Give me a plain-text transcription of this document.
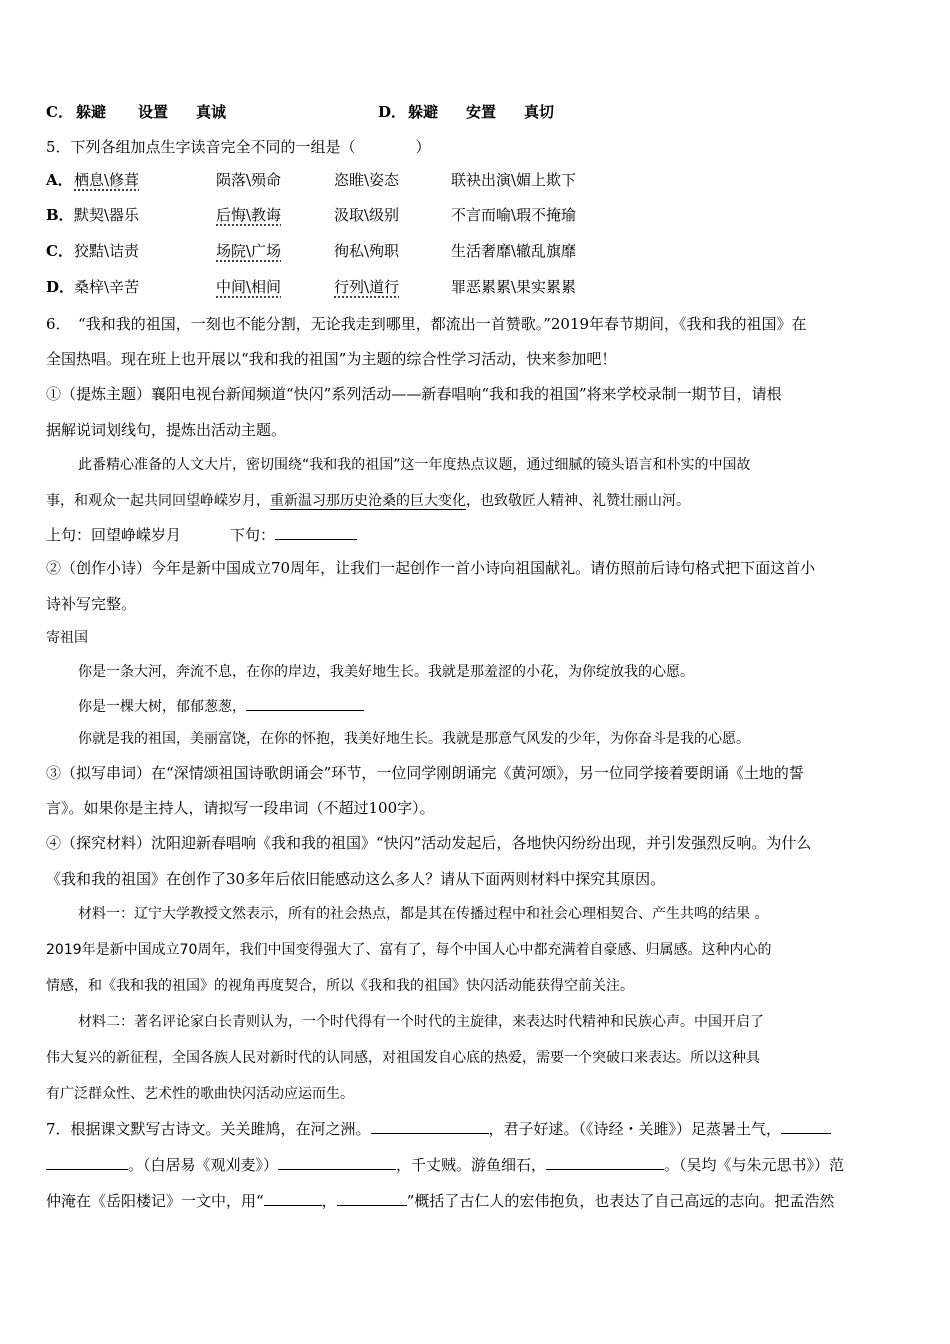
C． 躲避 设置 真诚	D． 躲避 安置 真切
5．下列各组加点生字读音完全不同的一组是（　　　　）
A．栖息\修葺	陨落\殒命	恣睢\姿态	联袂出演\媚上欺下
B．默契\器乐	后悔\教诲	汲取\级别	不言而喻\瑕不掩瑜
C．狡黠\诘责	场院\广场	徇私\殉职	生活奢靡\辙乱旗靡
D．桑梓\辛苦	中间\相间	行列\道行	罪恶累累\果实累累
6．　“我和我的祖国，一刻也不能分割，无论我走到哪里，都流出一首赞歌。”2019年春节期间，《我和我的祖国》在
全国热唱。现在班上也开展以“我和我的祖国”为主题的综合性学习活动，快来参加吧！
①（提炼主题）襄阳电视台新闻频道“快闪”系列活动——新春唱响“我和我的祖国”将来学校录制一期节目，请根
据解说词划线句，提炼出活动主题。
此番精心准备的人文大片，密切围绕“我和我的祖国”这一年度热点议题，通过细腻的镜头语言和朴实的中国故
事，和观众一起共同回望峥嵘岁月，重新温习那历史沧桑的巨大变化，也致敬匠人精神、礼赞壮丽山河。
上句：回望峥嵘岁月	下句：
②（创作小诗）今年是新中国成立70周年，让我们一起创作一首小诗向祖国献礼。请仿照前后诗句格式把下面这首小
诗补写完整。
寄祖国
你是一条大河，奔流不息，在你的岸边，我美好地生长。我就是那羞涩的小花，为你绽放我的心愿。
你是一棵大树，郁郁葱葱，
你就是我的祖国，美丽富饶，在你的怀抱，我美好地生长。我就是那意气风发的少年，为你奋斗是我的心愿。
③（拟写串词）在“深情颂祖国诗歌朗诵会”环节，一位同学刚朗诵完《黄河颂》，另一位同学接着要朗诵《土地的誓
言》。如果你是主持人，请拟写一段串词（不超过100字）。
④（探究材料）沈阳迎新春唱响《我和我的祖国》“快闪”活动发起后，各地快闪纷纷出现，并引发强烈反响。为什么
《我和我的祖国》在创作了30多年后依旧能感动这么多人？请从下面两则材料中探究其原因。
材料一：辽宁大学教授文然表示，所有的社会热点，都是其在传播过程中和社会心理相契合、产生共鸣的结果 。
2019年是新中国成立70周年，我们中国变得强大了、富有了，每个中国人心中都充满着自豪感、归属感。这种内心的
情感，和《我和我的祖国》的视角再度契合，所以《我和我的祖国》快闪活动能获得空前关注。
材料二：著名评论家白长青则认为，一个时代得有一个时代的主旋律，来表达时代精神和民族心声。中国开启了
伟大复兴的新征程，全国各族人民对新时代的认同感，对祖国发自心底的热爱，需要一个突破口来表达。所以这种具
有广泛群众性、艺术性的歌曲快闪活动应运而生。
7．根据课文默写古诗文。关关雎鸠，在河之洲。	，君子好逑。（《诗经・关雎》）足蒸暑土气，
。（白居易《观刈麦》）	，千丈贼。游鱼细石，	。（吴均《与朱元思书》）范
仲淹在《岳阳楼记》一文中，用“	，	”概括了古仁人的宏伟抱负，也表达了自己高远的志向。把孟浩然
